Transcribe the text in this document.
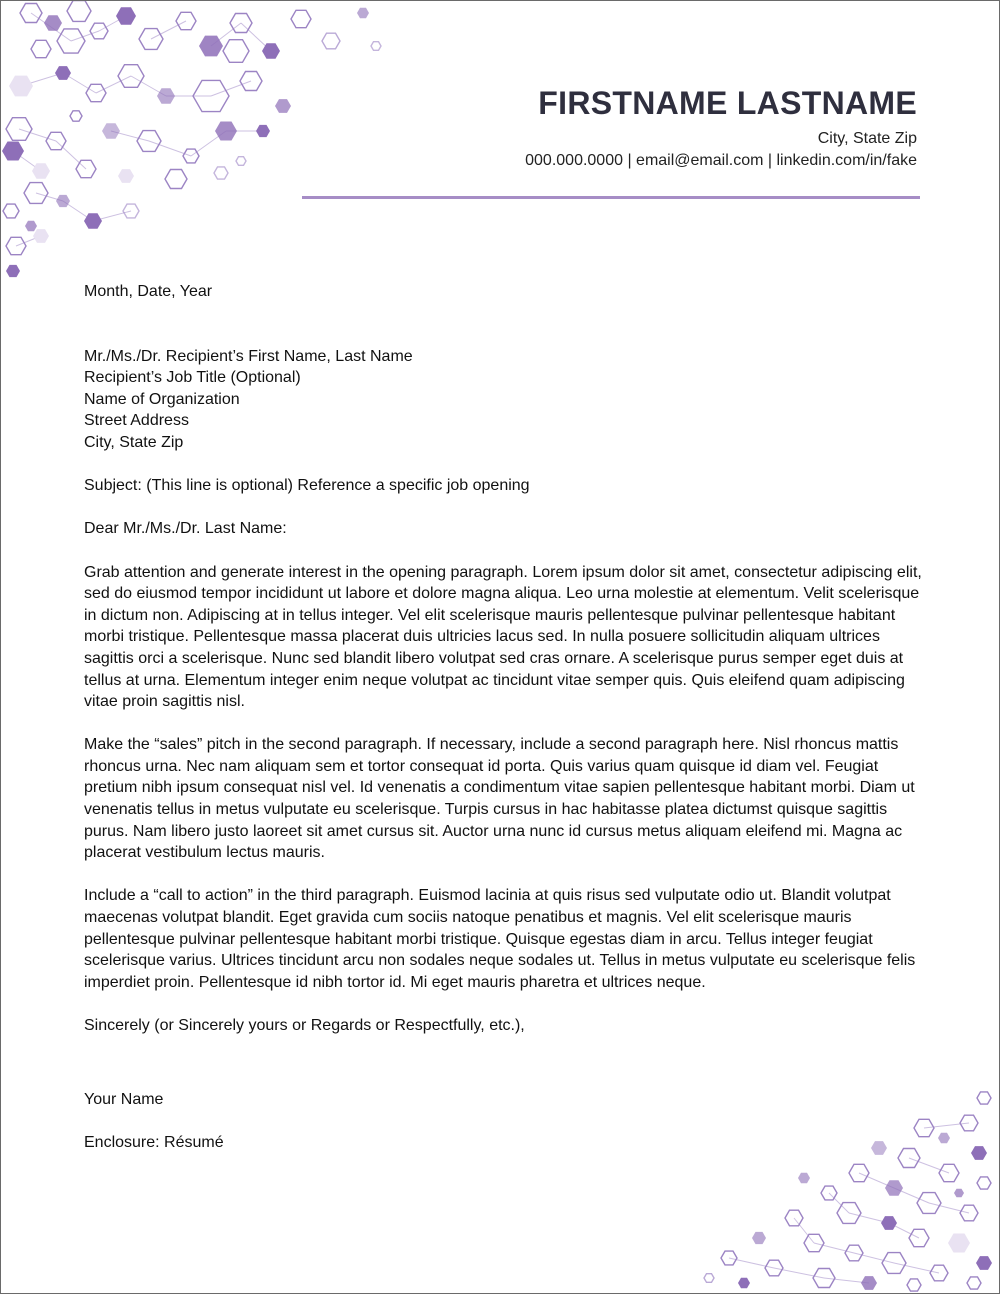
FIRSTNAME LASTNAME
City, State Zip
000.000.0000 | email@email.com | linkedin.com/in/fake
Month, Date, Year
Mr./Ms./Dr. Recipient’s First Name, Last Name
Recipient’s Job Title (Optional)
Name of Organization
Street Address
City, State Zip
Subject: (This line is optional) Reference a specific job opening
Dear Mr./Ms./Dr. Last Name:

Grab attention and generate interest in the opening paragraph. Lorem ipsum dolor sit amet, consectetur adipiscing elit, sed do eiusmod tempor incididunt ut labore et dolore magna aliqua. Leo urna molestie at elementum. Velit scelerisque in dictum non. Adipiscing at in tellus integer. Vel elit scelerisque mauris pellentesque pulvinar pellentesque habitant morbi tristique. Pellentesque massa placerat duis ultricies lacus sed. In nulla posuere sollicitudin aliquam ultrices sagittis orci a scelerisque. Nunc sed blandit libero volutpat sed cras ornare. A scelerisque purus semper eget duis at tellus at urna. Elementum integer enim neque volutpat ac tincidunt vitae semper quis. Quis eleifend quam adipiscing vitae proin sagittis nisl.

Make the “sales” pitch in the second paragraph. If necessary, include a second paragraph here. Nisl rhoncus mattis rhoncus urna. Nec nam aliquam sem et tortor consequat id porta. Quis varius quam quisque id diam vel. Feugiat pretium nibh ipsum consequat nisl vel. Id venenatis a condimentum vitae sapien pellentesque habitant morbi. Diam ut venenatis tellus in metus vulputate eu scelerisque. Turpis cursus in hac habitasse platea dictumst quisque sagittis purus. Nam libero justo laoreet sit amet cursus sit. Auctor urna nunc id cursus metus aliquam eleifend mi. Magna ac placerat vestibulum lectus mauris.

Include a “call to action” in the third paragraph. Euismod lacinia at quis risus sed vulputate odio ut. Blandit volutpat maecenas volutpat blandit. Eget gravida cum sociis natoque penatibus et magnis. Vel elit scelerisque mauris pellentesque pulvinar pellentesque habitant morbi tristique. Quisque egestas diam in arcu. Tellus integer feugiat scelerisque varius. Ultrices tincidunt arcu non sodales neque sodales ut. Tellus in metus vulputate eu scelerisque felis imperdiet proin. Pellentesque id nibh tortor id. Mi eget mauris pharetra et ultrices neque.

Sincerely (or Sincerely yours or Regards or Respectfully, etc.),
Your Name
Enclosure: Résumé
